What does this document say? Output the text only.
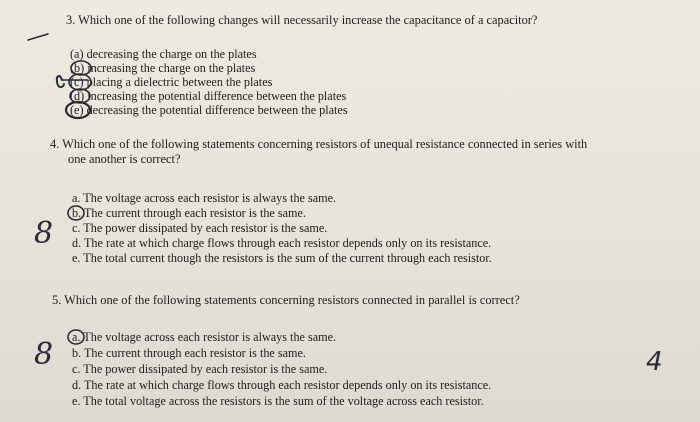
3. Which one of the following changes will necessarily increase the capacitance of a capacitor?
(a) decreasing the charge on the plates
(b) increasing the charge on the plates
(c) placing a dielectric between the plates
(d) increasing the potential difference between the plates
(e) decreasing the potential difference between the plates
4. Which one of the following statements concerning resistors of unequal resistance connected in series with
one another is correct?
a. The voltage across each resistor is always the same.
b. The current through each resistor is the same.
c. The power dissipated by each resistor is the same.
d. The rate at which charge flows through each resistor depends only on its resistance.
e. The total current though the resistors is the sum of the current through each resistor.
5. Which one of the following statements concerning resistors connected in parallel is correct?
a. The voltage across each resistor is always the same.
b. The current through each resistor is the same.
c. The power dissipated by each resistor is the same.
d. The rate at which charge flows through each resistor depends only on its resistance.
e. The total voltage across the resistors is the sum of the voltage across each resistor.
8
8	4
